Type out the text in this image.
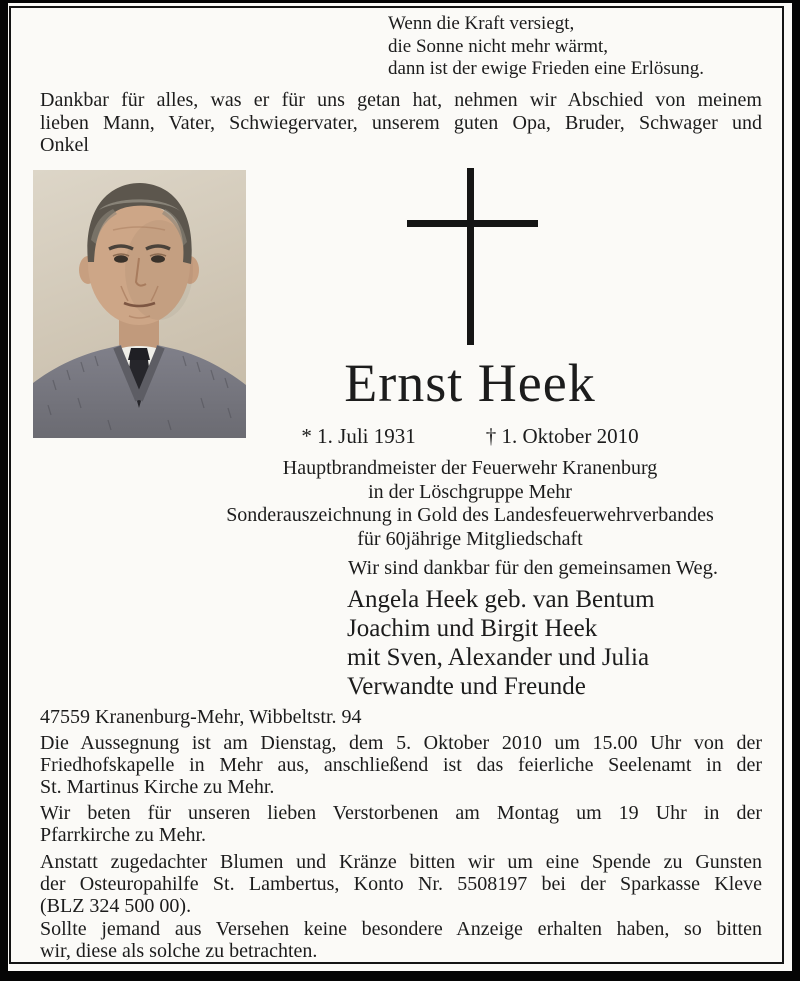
Wenn die Kraft versiegt,
die Sonne nicht mehr wärmt,
dann ist der ewige Frieden eine Erlösung.
Dankbar für alles, was er für uns getan hat, nehmen wir Abschied von meinem
lieben Mann, Vater, Schwiegervater, unserem guten Opa, Bruder, Schwager und
Onkel
Ernst Heek
* 1. Juli 1931	† 1. Oktober 2010
Hauptbrandmeister der Feuerwehr Kranenburg
in der Löschgruppe Mehr
Sonderauszeichnung in Gold des Landesfeuerwehrverbandes
für 60jährige Mitgliedschaft
Wir sind dankbar für den gemeinsamen Weg.
Angela Heek geb. van Bentum
Joachim und Birgit Heek
mit Sven, Alexander und Julia
Verwandte und Freunde
47559 Kranenburg-Mehr, Wibbeltstr. 94
Die Aussegnung ist am Dienstag, dem 5. Oktober 2010 um 15.00 Uhr von der
Friedhofskapelle in Mehr aus, anschließend ist das feierliche Seelenamt in der
St. Martinus Kirche zu Mehr.
Wir beten für unseren lieben Verstorbenen am Montag um 19 Uhr in der
Pfarrkirche zu Mehr.
Anstatt zugedachter Blumen und Kränze bitten wir um eine Spende zu Gunsten
der Osteuropahilfe St. Lambertus, Konto Nr. 5508197 bei der Sparkasse Kleve
(BLZ 324 500 00).
Sollte jemand aus Versehen keine besondere Anzeige erhalten haben, so bitten
wir, diese als solche zu betrachten.
